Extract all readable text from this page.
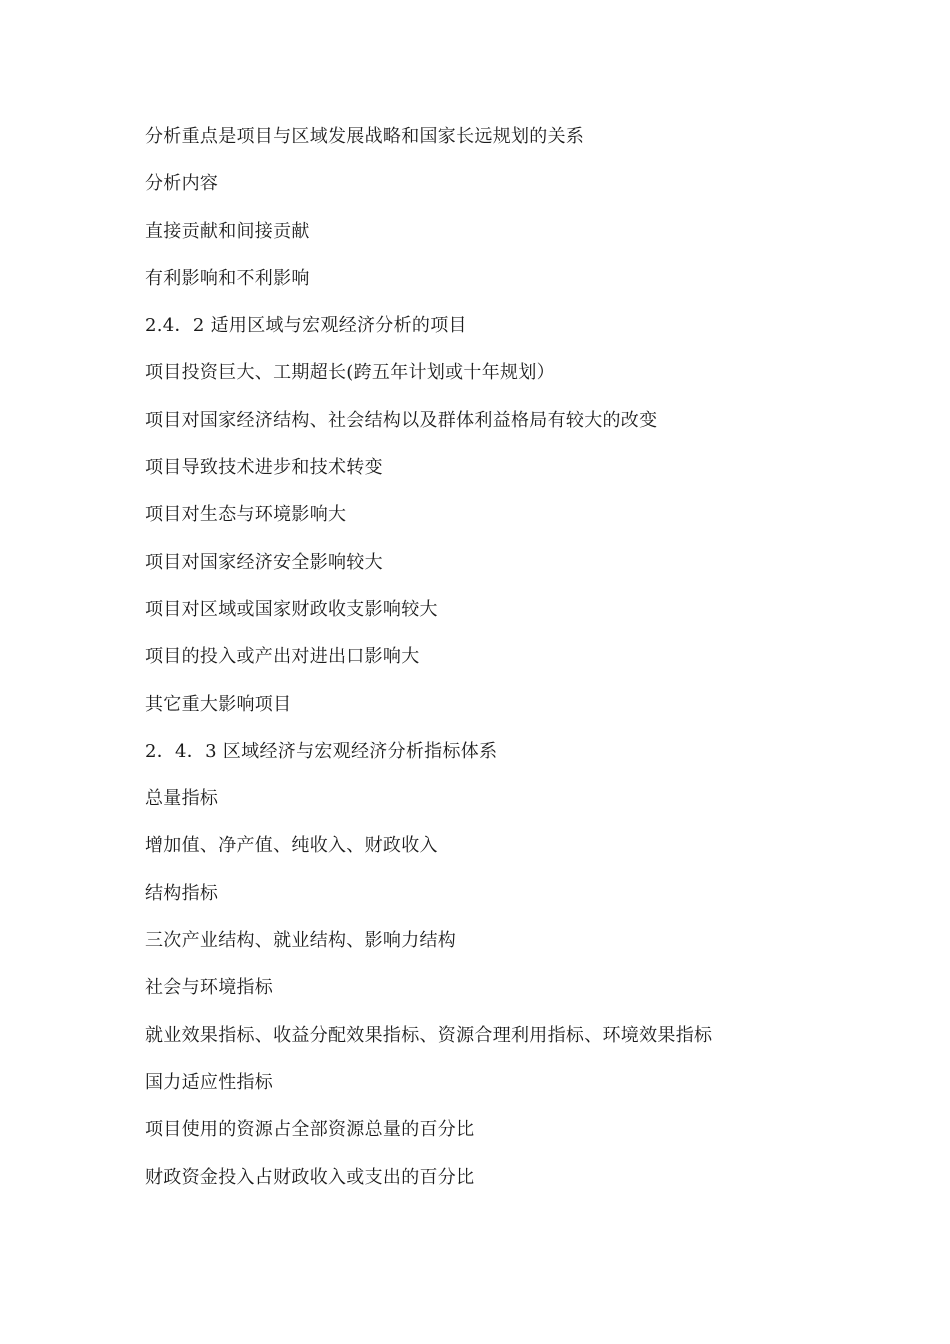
分析重点是项目与区域发展战略和国家长远规划的关系
分析内容
直接贡献和间接贡献
有利影响和不利影响
2.4．2 适用区域与宏观经济分析的项目
项目投资巨大、工期超长(跨五年计划或十年规划）
项目对国家经济结构、社会结构以及群体利益格局有较大的改变
项目导致技术进步和技术转变
项目对生态与环境影响大
项目对国家经济安全影响较大
项目对区域或国家财政收支影响较大
项目的投入或产出对进出口影响大
其它重大影响项目
2．4．3 区域经济与宏观经济分析指标体系
总量指标
增加值、净产值、纯收入、财政收入
结构指标
三次产业结构、就业结构、影响力结构
社会与环境指标
就业效果指标、收益分配效果指标、资源合理利用指标、环境效果指标
国力适应性指标
项目使用的资源占全部资源总量的百分比
财政资金投入占财政收入或支出的百分比
